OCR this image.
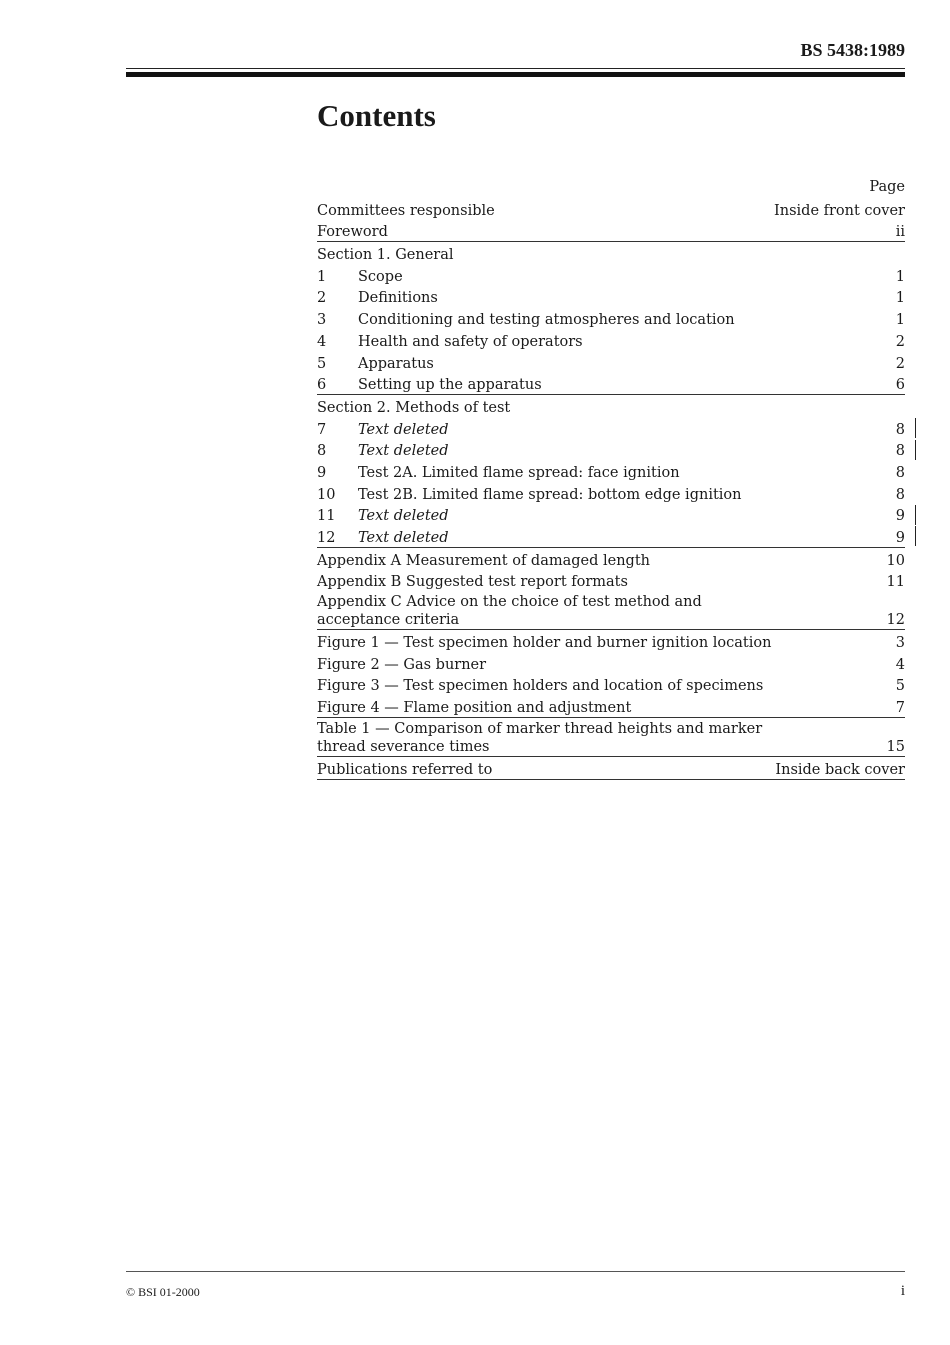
BS 5438:1989
Contents
Page
Committees responsible	Inside front cover
Foreword	ii
Section 1. General
1	Scope	1
2	Definitions	1
3	Conditioning and testing atmospheres and location	1
4	Health and safety of operators	2
5	Apparatus	2
6	Setting up the apparatus	6
Section 2. Methods of test
7	Text deleted	8
8	Text deleted	8
9	Test 2A. Limited flame spread: face ignition	8
10	Test 2B. Limited flame spread: bottom edge ignition	8
11	Text deleted	9
12	Text deleted	9
Appendix A Measurement of damaged length	10
Appendix B Suggested test report formats	11
Appendix C Advice on the choice of test method and acceptance criteria	12
Figure 1 — Test specimen holder and burner ignition location	3
Figure 2 — Gas burner	4
Figure 3 — Test specimen holders and location of specimens	5
Figure 4 — Flame position and adjustment	7
Table 1 — Comparison of marker thread heights and marker thread severance times	15
Publications referred to	Inside back cover
© BSI 01-2000	i
